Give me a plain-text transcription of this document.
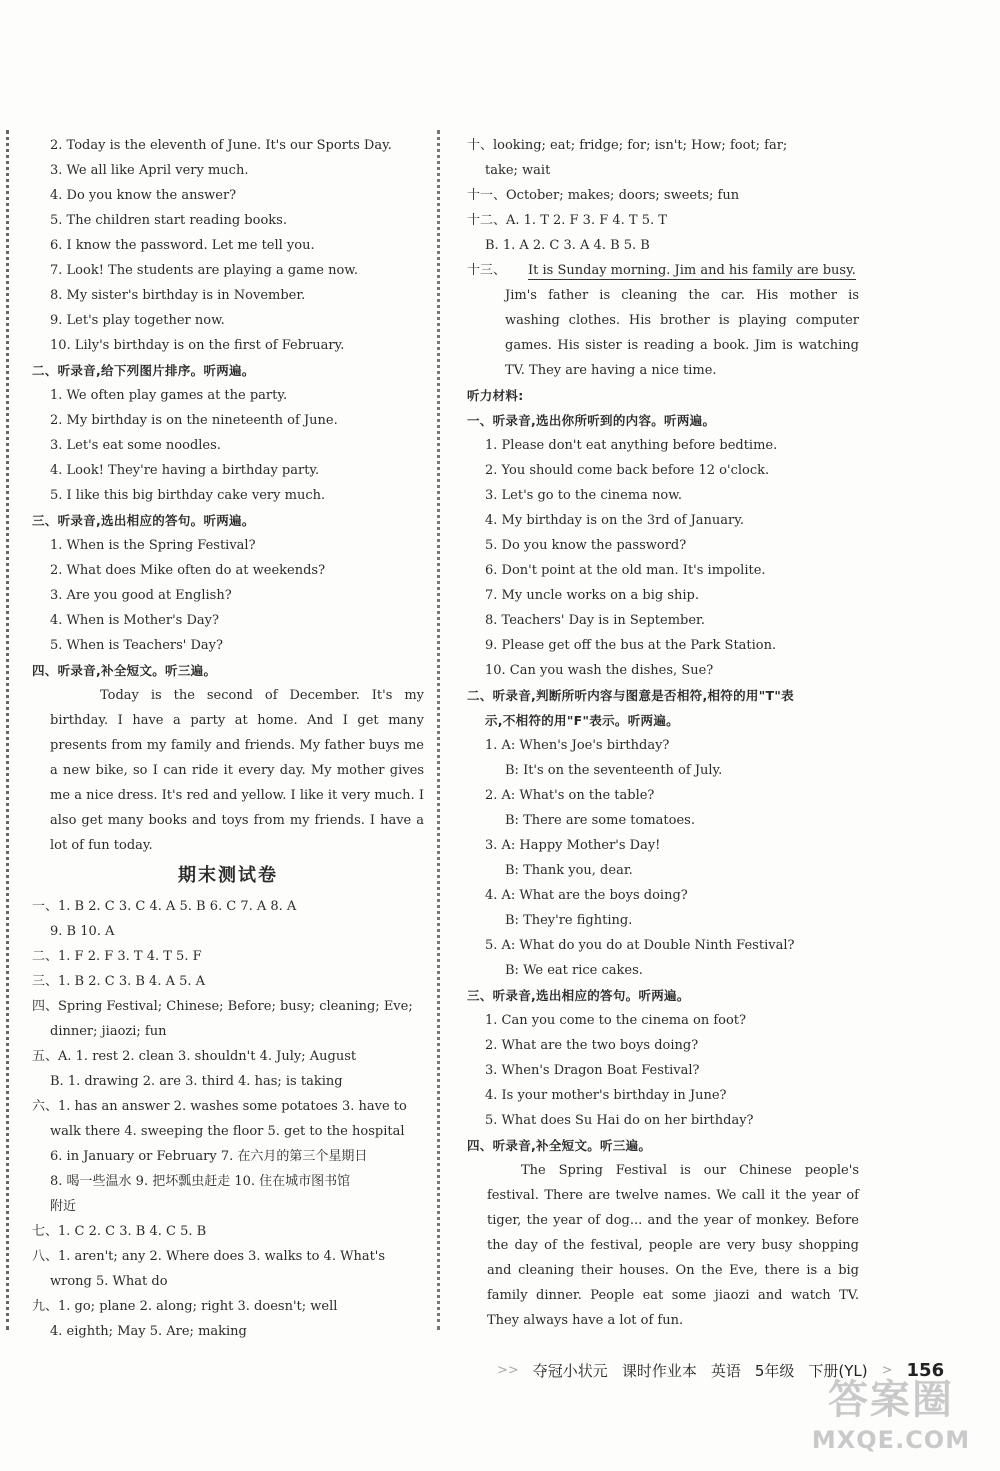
2. Today is the eleventh of June. It's our Sports Day.
3. We all like April very much.
4. Do you know the answer?
5. The children start reading books.
6. I know the password. Let me tell you.
7. Look! The students are playing a game now.
8. My sister's birthday is in November.
9. Let's play together now.
10. Lily's birthday is on the first of February.
二、听录音,给下列图片排序。听两遍。
1. We often play games at the party.
2. My birthday is on the nineteenth of June.
3. Let's eat some noodles.
4. Look! They're having a birthday party.
5. I like this big birthday cake very much.
三、听录音,选出相应的答句。听两遍。
1. When is the Spring Festival?
2. What does Mike often do at weekends?
3. Are you good at English?
4. When is Mother's Day?
5. When is Teachers' Day?
四、听录音,补全短文。听三遍。
Today is the second of December. It's my birthday. I have a party at home. And I get many presents from my family and friends. My father buys me a new bike, so I can ride it every day. My mother gives me a nice dress. It's red and yellow. I like it very much. I also get many books and toys from my friends. I have a lot of fun today.
期末测试卷
一、1. B 2. C 3. C 4. A 5. B 6. C 7. A 8. A
9. B 10. A
二、1. F 2. F 3. T 4. T 5. F
三、1. B 2. C 3. B 4. A 5. A
四、Spring Festival; Chinese; Before; busy; cleaning; Eve;
dinner; jiaozi; fun
五、A. 1. rest 2. clean 3. shouldn't 4. July; August
B. 1. drawing 2. are 3. third 4. has; is taking
六、1. has an answer 2. washes some potatoes 3. have to
walk there 4. sweeping the floor 5. get to the hospital
6. in January or February 7. 在六月的第三个星期日
8. 喝一些温水 9. 把坏瓢虫赶走 10. 住在城市图书馆
附近
七、1. C 2. C 3. B 4. C 5. B
八、1. aren't; any 2. Where does 3. walks to 4. What's
wrong 5. What do
九、1. go; plane 2. along; right 3. doesn't; well
4. eighth; May 5. Are; making
十、looking; eat; fridge; for; isn't; How; foot; far;
take; wait
十一、October; makes; doors; sweets; fun
十二、A. 1. T 2. F 3. F 4. T 5. T
B. 1. A 2. C 3. A 4. B 5. B
十三、 It is Sunday morning. Jim and his family are busy.
Jim's father is cleaning the car. His mother is washing clothes. His brother is playing computer games. His sister is reading a book. Jim is watching TV. They are having a nice time.
听力材料:
一、听录音,选出你所听到的内容。听两遍。
1. Please don't eat anything before bedtime.
2. You should come back before 12 o'clock.
3. Let's go to the cinema now.
4. My birthday is on the 3rd of January.
5. Do you know the password?
6. Don't point at the old man. It's impolite.
7. My uncle works on a big ship.
8. Teachers' Day is in September.
9. Please get off the bus at the Park Station.
10. Can you wash the dishes, Sue?
二、听录音,判断所听内容与图意是否相符,相符的用"T"表
示,不相符的用"F"表示。听两遍。
1. A: When's Joe's birthday?
B: It's on the seventeenth of July.
2. A: What's on the table?
B: There are some tomatoes.
3. A: Happy Mother's Day!
B: Thank you, dear.
4. A: What are the boys doing?
B: They're fighting.
5. A: What do you do at Double Ninth Festival?
B: We eat rice cakes.
三、听录音,选出相应的答句。听两遍。
1. Can you come to the cinema on foot?
2. What are the two boys doing?
3. When's Dragon Boat Festival?
4. Is your mother's birthday in June?
5. What does Su Hai do on her birthday?
四、听录音,补全短文。听三遍。
The Spring Festival is our Chinese people's festival. There are twelve names. We call it the year of tiger, the year of dog... and the year of monkey. Before the day of the festival, people are very busy shopping and cleaning their houses. On the Eve, there is a big family dinner. People eat some jiaozi and watch TV. They always have a lot of fun.
>> 夺冠小状元 课时作业本 英语 5年级 下册(YL) > 156
答案圈
MXQE.COM
